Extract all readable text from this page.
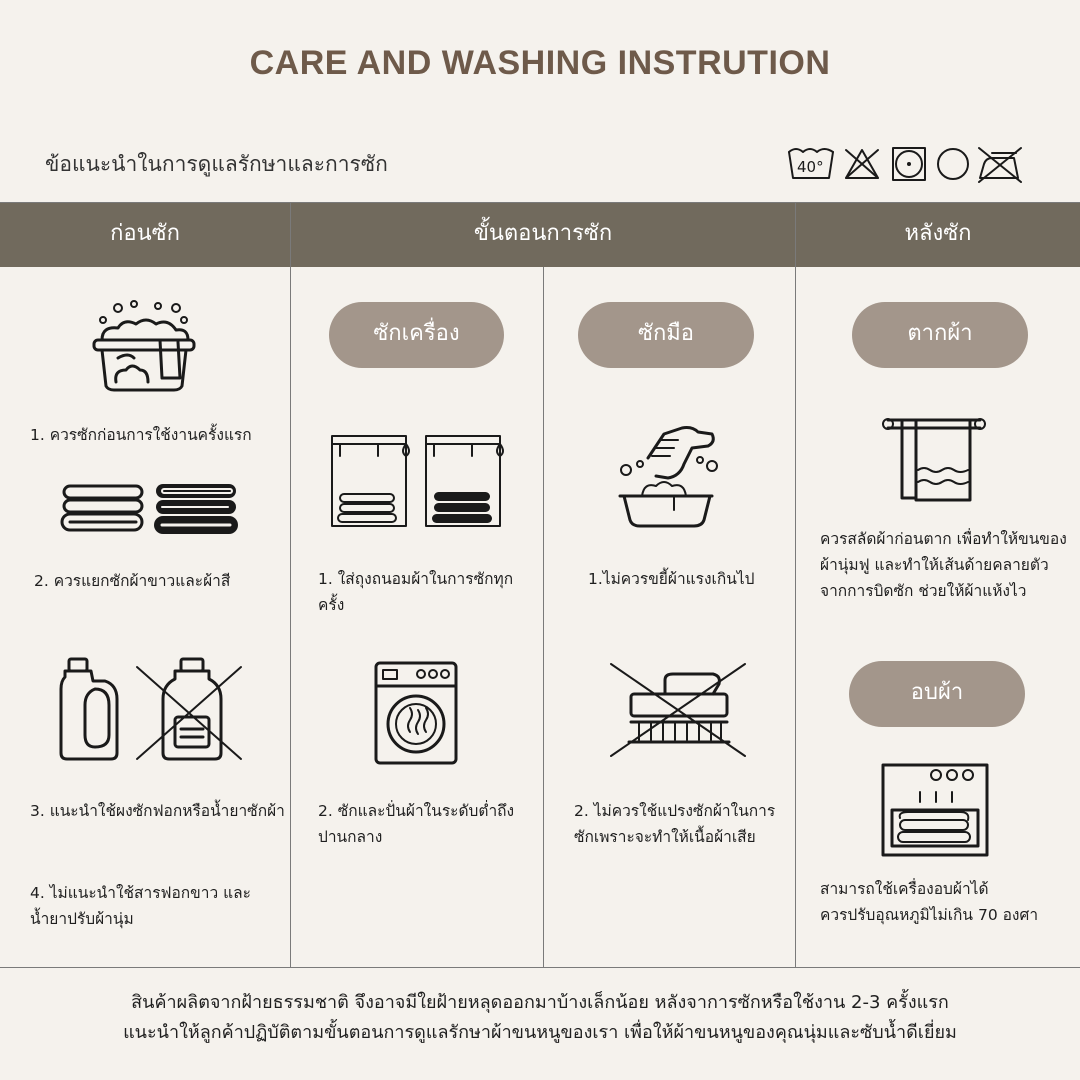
CARE AND WASHING INSTRUTION
ข้อแนะนำในการดูแลรักษาและการซัก	40°
ก่อนซัก	ขั้นตอนการซัก	หลังซัก
1. ควรซักก่อนการใช้งานครั้งแรก
2. ควรแยกซักผ้าขาวและผ้าสี
3. แนะนำใช้ผงซักฟอกหรือน้ำยาซักผ้า
4. ไม่แนะนำใช้สารฟอกขาว และน้ำยาปรับผ้านุ่ม
ซักเครื่อง
1. ใส่ถุงถนอมผ้าในการซักทุกครั้ง
2. ซักและปั่นผ้าในระดับต่ำถึงปานกลาง
ซักมือ
1.ไม่ควรขยี้ผ้าแรงเกินไป
2. ไม่ควรใช้แปรงซักผ้าในการซักเพราะจะทำให้เนื้อผ้าเสีย
ตากผ้า
ควรสลัดผ้าก่อนตาก เพื่อทำให้ขนของผ้านุ่มฟู และทำให้เส้นด้ายคลายตัวจากการบิดซัก ช่วยให้ผ้าแห้งไว
อบผ้า
สามารถใช้เครื่องอบผ้าได้
ควรปรับอุณหภูมิไม่เกิน 70 องศา
สินค้าผลิตจากฝ้ายธรรมชาติ จึงอาจมีใยฝ้ายหลุดออกมาบ้างเล็กน้อย หลังจาการซักหรือใช้งาน 2-3 ครั้งแรก
แนะนำให้ลูกค้าปฏิบัติตามขั้นตอนการดูแลรักษาผ้าขนหนูของเรา เพื่อให้ผ้าขนหนูของคุณนุ่มและซับน้ำดีเยี่ยม
